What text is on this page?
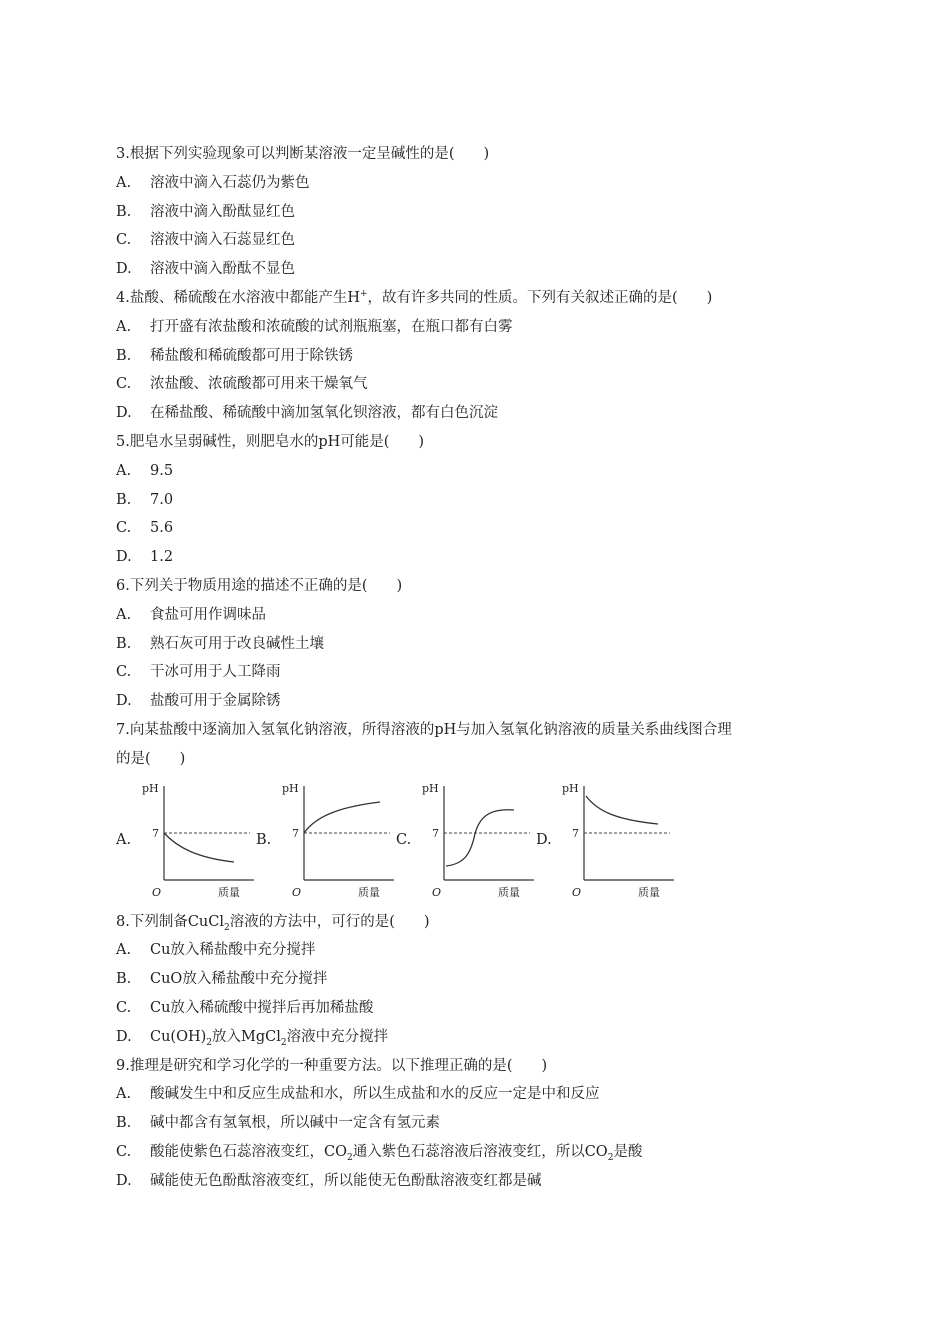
3.根据下列实验现象可以判断某溶液一定呈碱性的是(　　)
A.	溶液中滴入石蕊仍为紫色
B.	溶液中滴入酚酞显红色
C.	溶液中滴入石蕊显红色
D.	溶液中滴入酚酞不显色
4.盐酸、稀硫酸在水溶液中都能产生H+，故有许多共同的性质。下列有关叙述正确的是(　　)
A.	打开盛有浓盐酸和浓硫酸的试剂瓶瓶塞，在瓶口都有白雾
B.	稀盐酸和稀硫酸都可用于除铁锈
C.	浓盐酸、浓硫酸都可用来干燥氧气
D.	在稀盐酸、稀硫酸中滴加氢氧化钡溶液，都有白色沉淀
5.肥皂水呈弱碱性，则肥皂水的pH可能是(　　)
A.	9.5
B.	7.0
C.	5.6
D.	1.2
6.下列关于物质用途的描述不正确的是(　　)
A.	食盐可用作调味品
B.	熟石灰可用于改良碱性土壤
C.	干冰可用于人工降雨
D.	盐酸可用于金属除锈
7.向某盐酸中逐滴加入氢氧化钠溶液，所得溶液的pH与加入氢氧化钠溶液的质量关系曲线图合理
的是(　　)
A.
pH
O	质量
7	B.
pH
O	质量
7	C.
pH
O	质量
7	D.
pH
O	质量
7
8.下列制备CuCl$_2$溶液的方法中，可行的是(　　)
A.	Cu放入稀盐酸中充分搅拌
B.	CuO放入稀盐酸中充分搅拌
C.	Cu放入稀硫酸中搅拌后再加稀盐酸
D.	$Cu(OH)_2$放入MgCl$_2$溶液中充分搅拌
9.推理是研究和学习化学的一种重要方法。以下推理正确的是(　　)
A.	酸碱发生中和反应生成盐和水，所以生成盐和水的反应一定是中和反应
B.	碱中都含有氢氧根，所以碱中一定含有氢元素
C.	酸能使紫色石蕊溶液变红，$CO_2$通入紫色石蕊溶液后溶液变红，所以$CO_2$是酸
D.	碱能使无色酚酞溶液变红，所以能使无色酚酞溶液变红都是碱
